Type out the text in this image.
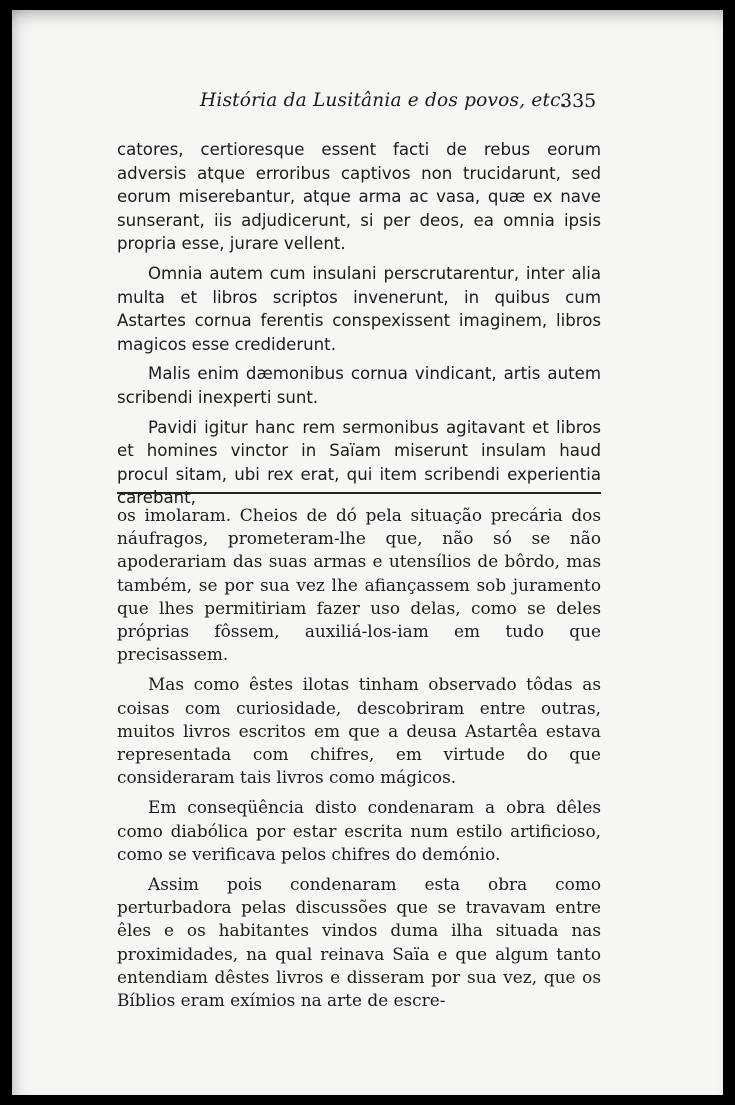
História da Lusitânia e dos povos, etc.
335

catores, certioresque essent facti de rebus eorum adversis atque erroribus captivos non trucidarunt, sed eorum miserebantur, atque arma ac vasa, quæ ex nave sunserant, iis adjudicerunt, si per deos, ea omnia ipsis propria esse, jurare vellent.

Omnia autem cum insulani perscrutarentur, inter alia multa et libros scriptos invenerunt, in quibus cum Astartes cornua ferentis conspexissent imaginem, libros magicos esse crediderunt.

Malis enim dæmonibus cornua vindicant, artis autem scribendi inexperti sunt.

Pavidi igitur hanc rem sermonibus agitavant et libros et homines vinctor in Saïam miserunt insulam haud procul sitam, ubi rex erat, qui item scribendi experientia carebant,

os imolaram. Cheios de dó pela situação precária dos náufragos, prometeram-lhe que, não só se não apoderariam das suas armas e utensílios de bôrdo, mas também, se por sua vez lhe afiançassem sob juramento que lhes permitiriam fazer uso delas, como se deles próprias fôssem, auxiliá-los-iam em tudo que precisassem.

Mas como êstes ilotas tinham observado tôdas as coisas com curiosidade, descobriram entre outras, muitos livros escritos em que a deusa Astartêa estava representada com chifres, em virtude do que consideraram tais livros como mágicos.

Em conseqüência disto condenaram a obra dêles como diabólica por estar escrita num estilo artificioso, como se verificava pelos chifres do demónio.

Assim pois condenaram esta obra como perturbadora pelas discussões que se travavam entre êles e os habitantes vindos duma ilha situada nas proximidades, na qual reinava Saïa e que algum tanto entendiam dêstes livros e disseram por sua vez, que os Bíblios eram exímios na arte de escre-
